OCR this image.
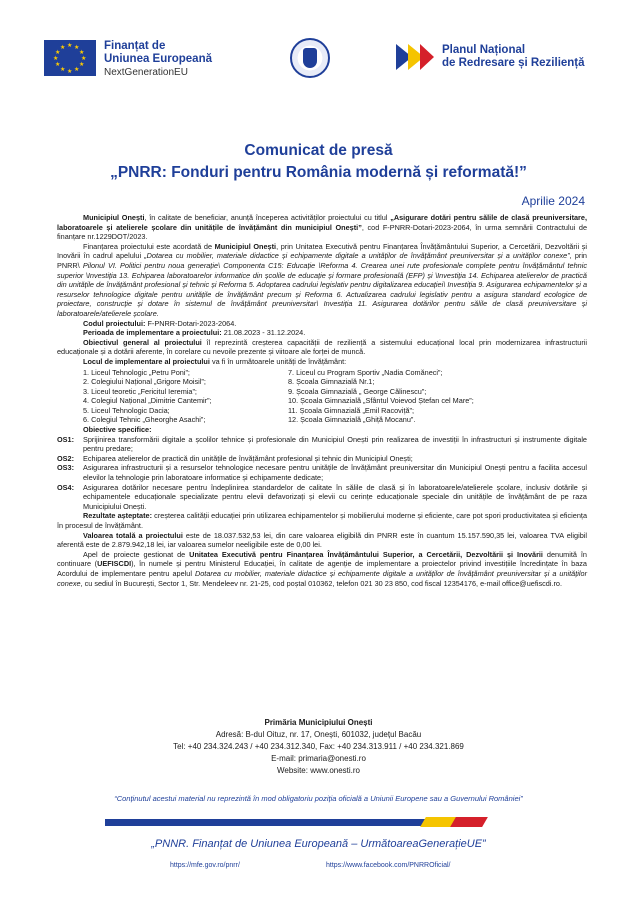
★ ★
★
★
★
★
★
★
★
★
★
★	Finanțat de
Uniunea Europeană
NextGenerationEU
Planul Național
de Redresare și Reziliență
Comunicat de presă
„PNRR: Fonduri pentru România modernă și reformată!”
Aprilie 2024

Municipiul Onești, în calitate de beneficiar, anunță începerea activităților proiectului cu titlul „Asigurare dotări pentru sălile de clasă preuniversitare, laboratoarele și atelierele școlare din unitățile de învățământ din municipiul Onești”, cod F-PNRR-Dotari-2023-2064, în urma semnării Contractului de finanțare nr.1229DOT/2023.

Finanțarea proiectului este acordată de Municipiul Onești, prin Unitatea Executivă pentru Finanțarea Învățământului Superior, a Cercetării, Dezvoltării și Inovării în cadrul apelului „Dotarea cu mobilier, materiale didactice și echipamente digitale a unităților de învățământ preuniversitar și a unităților conexe”, prin PNRR\ Pilonul VI. Politici pentru noua generație\ Componenta C15: Educație \Reforma 4. Crearea unei rute profesionale complete pentru învățământul tehnic superior \Investiția 13. Echiparea laboratoarelor informatice din școlile de educație și formare profesională (EFP) și \Investiția 14. Echiparea atelierelor de practică din unitățile de învățământ profesional și tehnic și Reforma 5. Adoptarea cadrului legislativ pentru digitalizarea educației\ Investiția 9. Asigurarea echipamentelor și a resurselor tehnologice digitale pentru unitățile de învățământ precum și Reforma 6. Actualizarea cadrului legislativ pentru a asigura standard ecologice de proiectare, construcție și dotare în sistemul de învățământ preuniversitar\ Investiția 11. Asigurarea dotărilor pentru sălile de clasă preuniversitare și laboratoarele/atelierele școlare.

Codul proiectului: F-PNRR-Dotari-2023-2064.

Perioada de implementare a proiectului: 21.08.2023 - 31.12.2024.

Obiectivul general al proiectului îl reprezintă creșterea capacității de reziliență a sistemului educațional local prin modernizarea infrastructurii educaționale și a dotării aferente, în corelare cu nevoile prezente și viitoare ale forței de muncă.

Locul de implementare al proiectului va fi în următoarele unități de învățământ:

1. Liceul Tehnologic „Petru Poni”;	7. Liceul cu Program Sportiv „Nadia Comăneci”;
2. Colegiului Național „Grigore Moisil”;	8. Școala Gimnazială Nr.1;
3. Liceul teoretic „Fericitul Ieremia”;	9. Școala Gimnazială „ George Călinescu”;
4. Colegiul Național „Dimitrie Cantemir”;	10. Școala Gimnazială „Sfântul Voievod Ștefan cel Mare”;
5. Liceul Tehnologic Dacia;	11. Școala Gimnazială „Emil Racoviță”;
6. Colegiul Tehnic „Gheorghe Asachi”;	12. Școala Gimnazială „Ghiță Mocanu”.

Obiective specifice:

OS1:	Sprijinirea transformării digitale a școlilor tehnice și profesionale din Municipiul Onești prin realizarea de investiții în infrastructuri și instrumente digitale pentru predare;
OS2:	Echiparea atelierelor de practică din unitățile de învățământ profesional și tehnic din Municipiul Onești;
OS3:	Asigurarea infrastructurii și a resurselor tehnologice necesare pentru unitățile de învățământ preuniversitar din Municipiul Onești pentru a facilita accesul elevilor la tehnologie prin laboratoare informatice și echipamente dedicate;
OS4:	Asigurarea dotărilor necesare pentru îndeplinirea standardelor de calitate în sălile de clasă și în laboratoarele/atelierele școlare, inclusiv dotările și echipamentele educaționale specializate pentru elevii defavorizați și elevii cu cerințe educaționale speciale din unitățile de învățământ de pe raza Municipiului Onești.

Rezultate așteptate: creșterea calității educației prin utilizarea echipamentelor și mobilierului moderne și eficiente, care pot spori productivitatea și eficiența în procesul de învățământ.

Valoarea totală a proiectului este de 18.037.532,53 lei, din care valoarea eligibilă din PNRR este în cuantum 15.157.590,35 lei, valoarea TVA eligibil aferentă este de 2.879.942,18 lei, iar valoarea sumelor neeligibile este de 0,00 lei.

Apel de proiecte gestionat de Unitatea Executivă pentru Finanțarea Învățământului Superior, a Cercetării, Dezvoltării și Inovării denumită în continuare (UEFISCDI), în numele și pentru Ministerul Educației, în calitate de agenție de implementare a proiectelor privind investițiile încredințate în baza Acordului de implementare pentru apelul Dotarea cu mobilier, materiale didactice și echipamente digitale a unităților de învățământ preuniversitar și a unităților conexe, cu sediul în București, Sector 1, Str. Mendeleev nr. 21-25, cod poștal 010362, telefon 021 30 23 850, cod fiscal 12354176, e-mail office@uefiscdi.ro.

Primăria Municipiului Onești
Adresă: B-dul Oituz, nr. 17, Onești, 601032, județul Bacău
Tel: +40 234.324.243 / +40 234.312.340, Fax: +40 234.313.911 / +40 234.321.869
E-mail: primaria@onesti.ro
Website: www.onesti.ro
“Conținutul acestui material nu reprezintă în mod obligatoriu poziția oficială a Uniunii Europene sau a Guvernului României”
„PNNR. Finanțat de Uniunea Europeană – UrmătoareaGenerațieUE”
https://mfe.gov.ro/pnrr/	https://www.facebook.com/PNRROficial/
